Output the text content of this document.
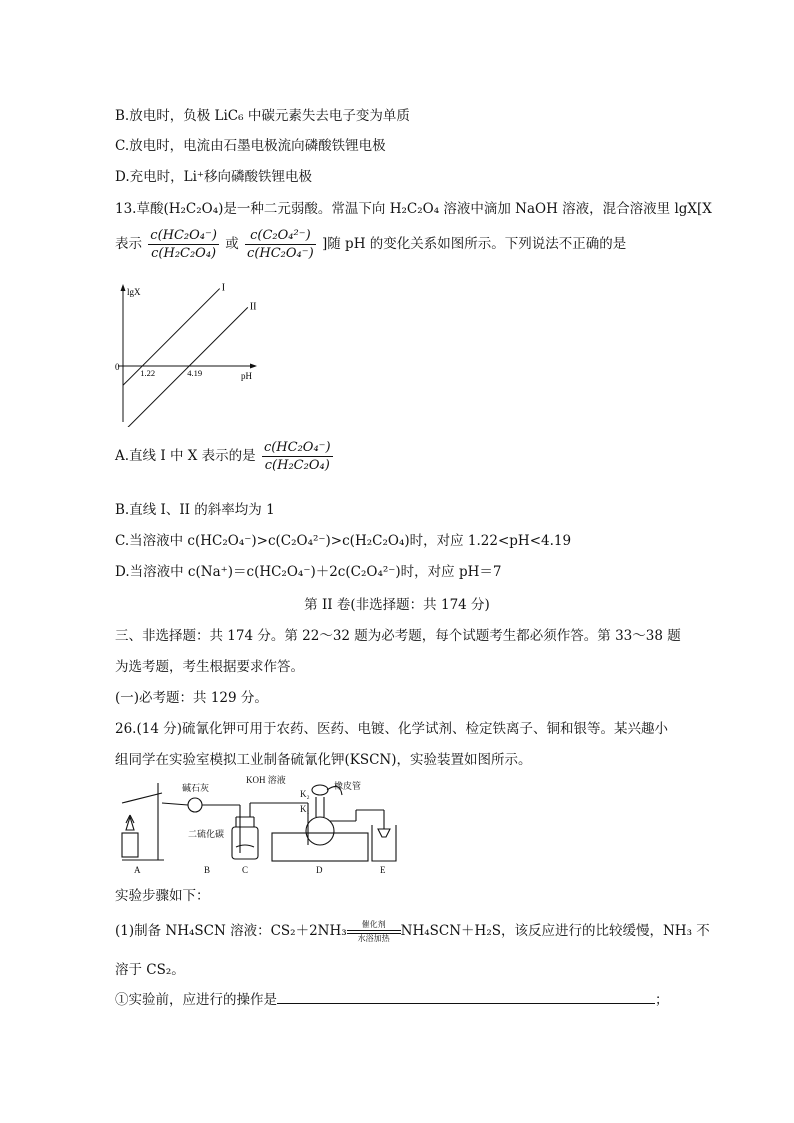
B.放电时，负极 LiC₆ 中碳元素失去电子变为单质
C.放电时，电流由石墨电极流向磷酸铁锂电极
D.充电时，Li⁺移向磷酸铁锂电极
13.草酸(H₂C₂O₄)是一种二元弱酸。常温下向 H₂C₂O₄ 溶液中滴加 NaOH 溶液，混合溶液里 lgX[X
表示 $\frac{\text{c(HC₂O₄⁻)}}{\text{c(H₂C₂O₄)}}$ 或 $\frac{\text{c(C₂O₄²⁻)}}{\text{c(HC₂O₄⁻)}}$ ]随 pH 的变化关系如图所示。下列说法不正确的是
lgX
pH
0
I
1.22
II
4.19
A.直线 I 中 X 表示的是 $\frac{\text{c(HC₂O₄⁻)}}{\text{c(H₂C₂O₄)}}$
B.直线 I、II 的斜率均为 1
C.当溶液中 c(HC₂O₄⁻)>c(C₂O₄²⁻)>c(H₂C₂O₄)时，对应 1.22<pH<4.19
D.当溶液中 c(Na⁺)＝c(HC₂O₄⁻)＋2c(C₂O₄²⁻)时，对应 pH＝7
第 II 卷(非选择题：共 174 分)
三、非选择题：共 174 分。第 22～32 题为必考题，每个试题考生都必须作答。第 33～38 题
为选考题，考生根据要求作答。
(一)必考题：共 129 分。
26.(14 分)硫氰化钾可用于农药、医药、电镀、化学试剂、检定铁离子、铜和银等。某兴趣小
组同学在实验室模拟工业制备硫氰化钾(KSCN)，实验装置如图所示。
碱石灰
KOH 溶液
橡皮管
K₂
K₁
二硫化碳
A	B	C	D	E
实验步骤如下：
(1)制备 NH₄SCN 溶液：CS₂＋2NH₃	催化剂
水浴加热 NH₄SCN＋H₂S，该反应进行的比较缓慢，NH₃ 不
溶于 CS₂。
①实验前，应进行的操作是	；
